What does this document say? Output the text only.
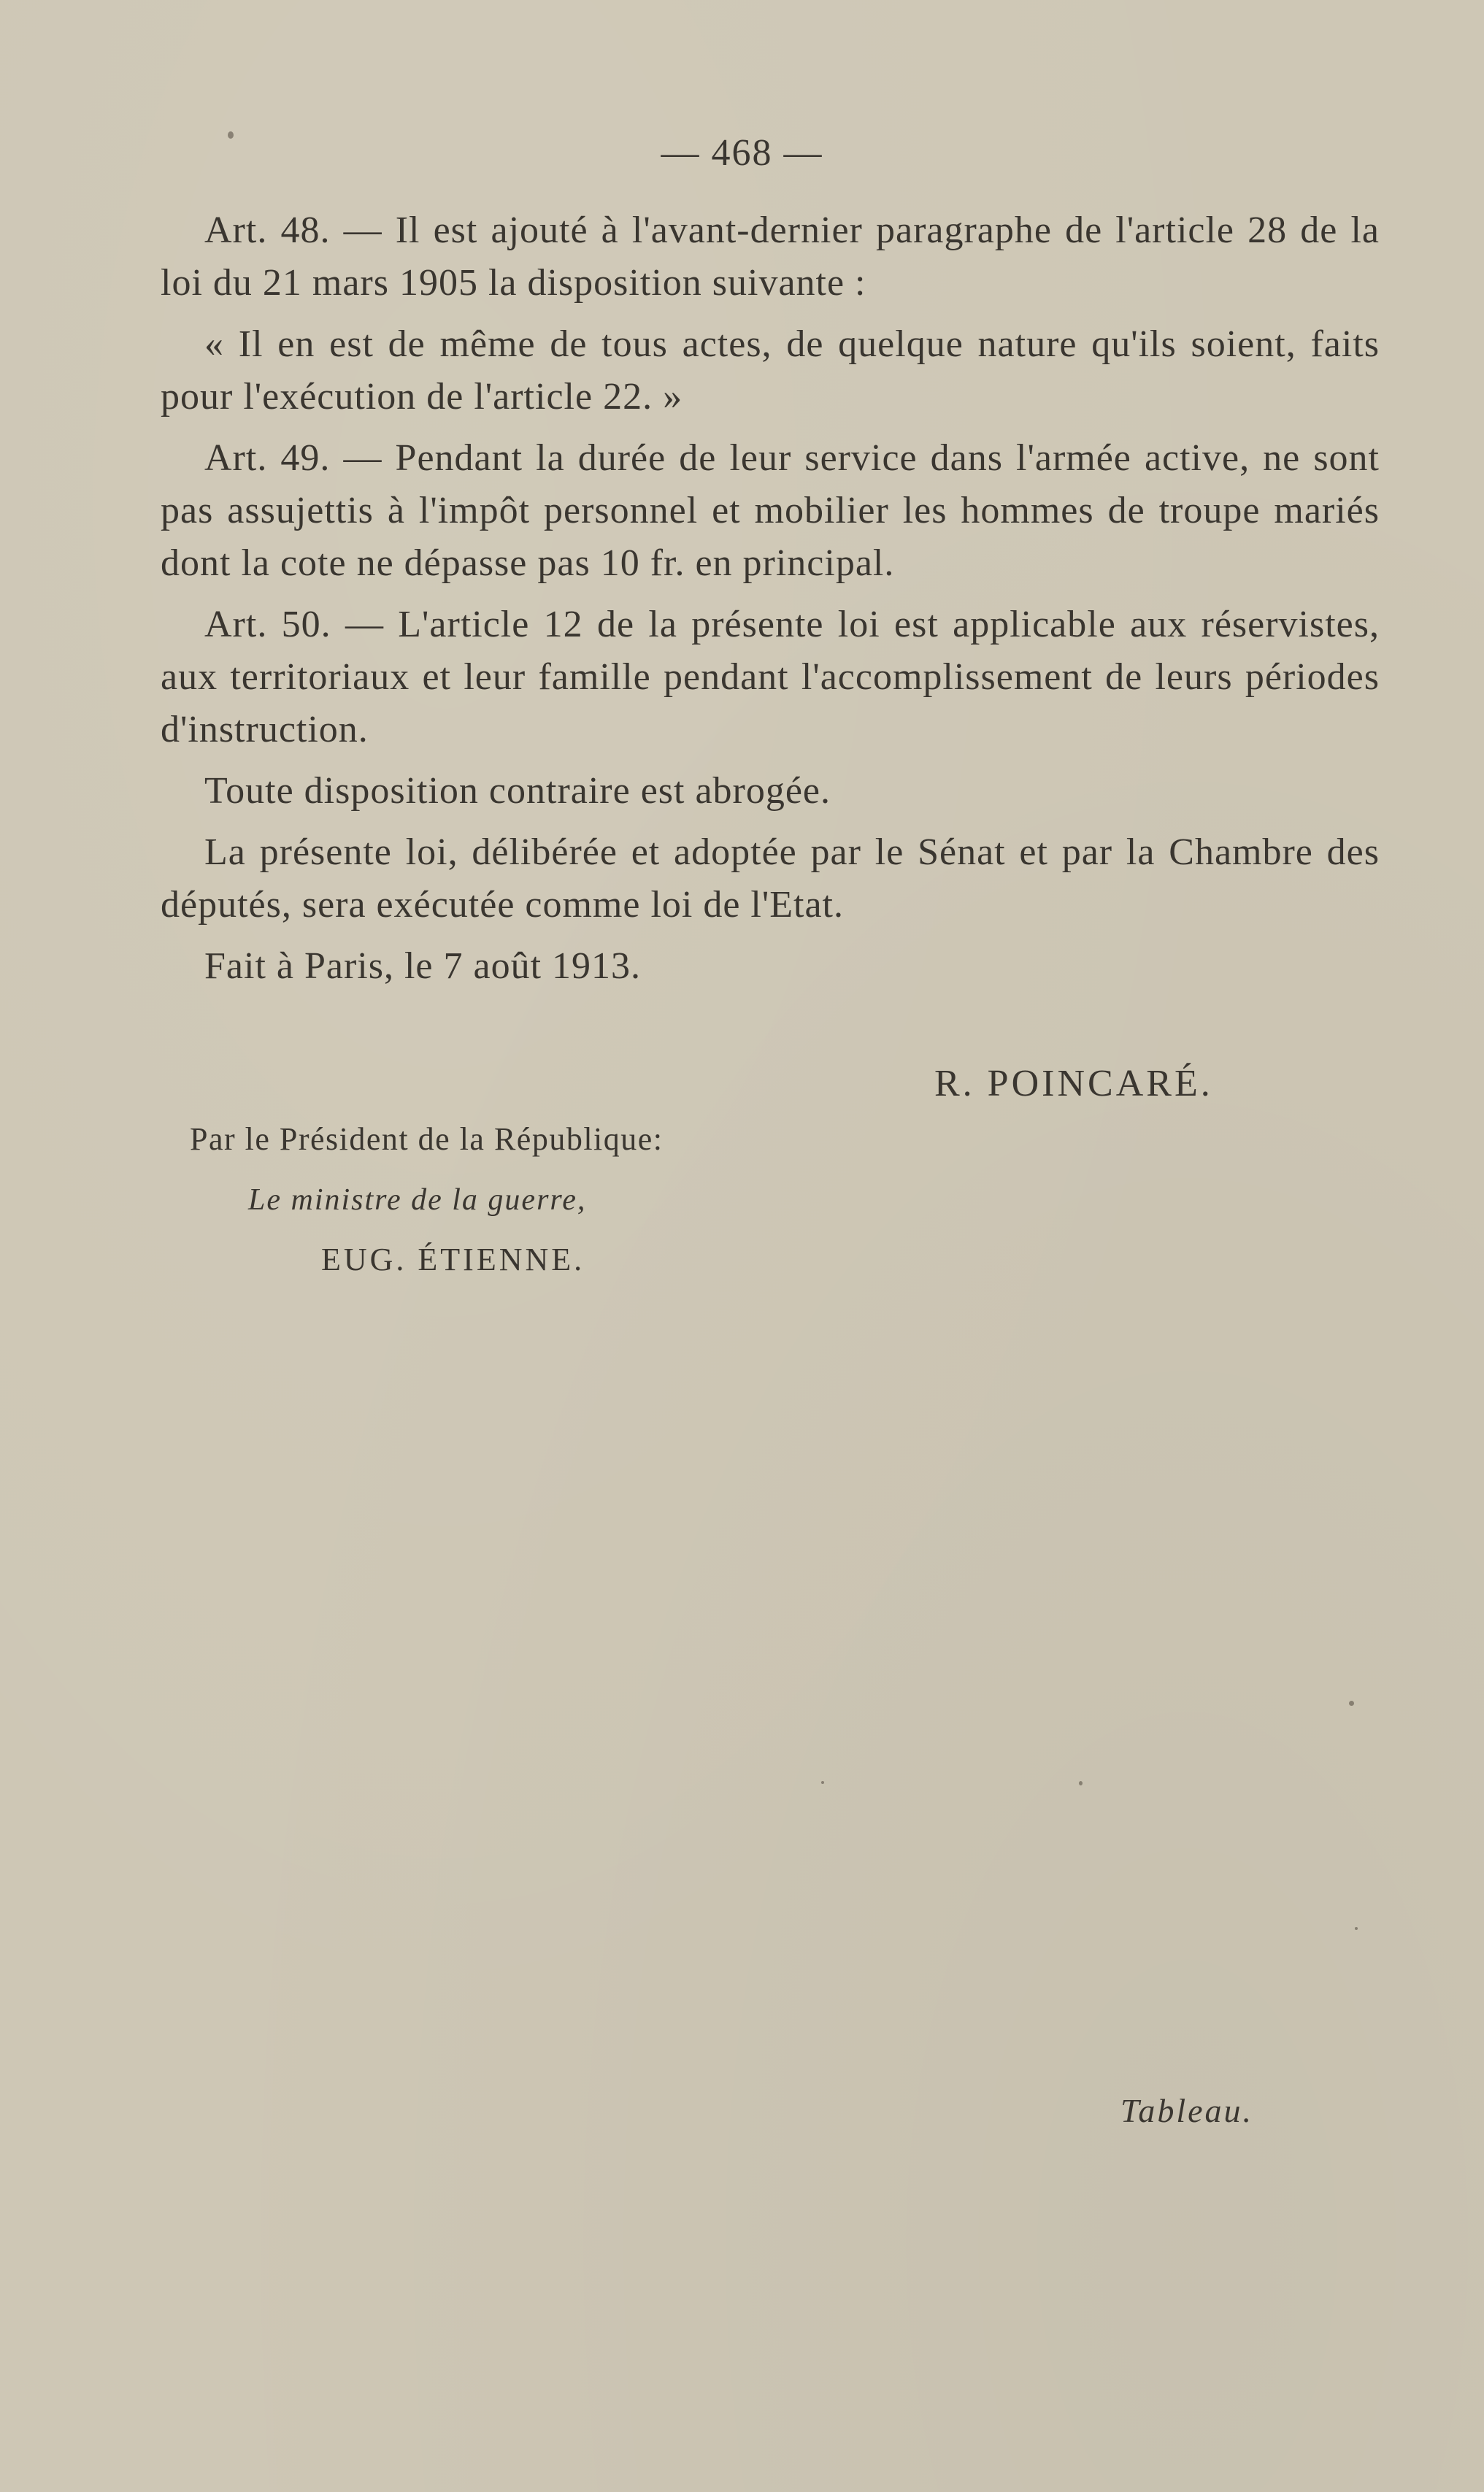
— 468 —

Art. 48. — Il est ajouté à l'avant-dernier paragraphe de l'article 28 de la loi du 21 mars 1905 la disposition suivante :

« Il en est de même de tous actes, de quelque nature qu'ils soient, faits pour l'exécution de l'article 22. »

Art. 49. — Pendant la durée de leur service dans l'armée active, ne sont pas assujettis à l'impôt personnel et mobilier les hommes de troupe mariés dont la cote ne dépasse pas 10 fr. en principal.

Art. 50. — L'article 12 de la présente loi est applicable aux réservistes, aux territoriaux et leur famille pendant l'accomplissement de leurs périodes d'instruction.

Toute disposition contraire est abrogée.

La présente loi, délibérée et adoptée par le Sénat et par la Chambre des députés, sera exécutée comme loi de l'Etat.

Fait à Paris, le 7 août 1913.

R. POINCARÉ.
Par le Président de la République:
Le ministre de la guerre,
EUG. ÉTIENNE.
Tableau.
